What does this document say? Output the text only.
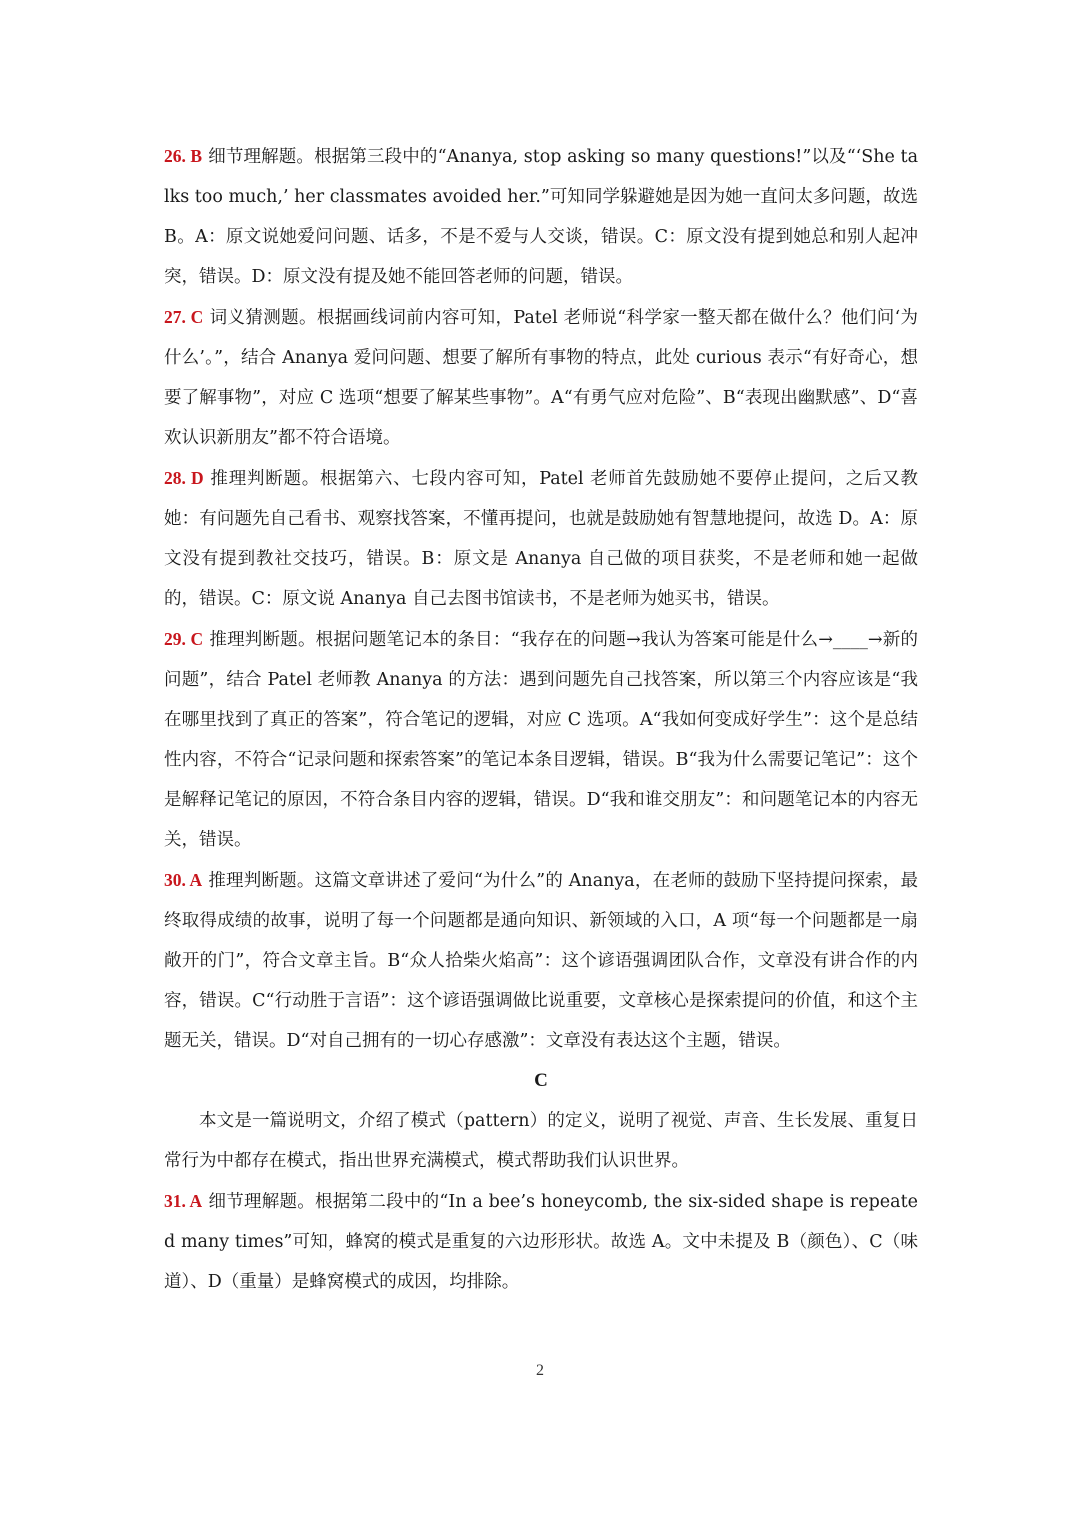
26. B 细节理解题。根据第三段中的“Ananya, stop asking so many questions!”以及“‘She talks too much,’ her classmates avoided her.”可知同学躲避她是因为她一直问太多问题，故选 B。A：原文说她爱问问题、话多，不是不爱与人交谈，错误。C：原文没有提到她总和别人起冲突，错误。D：原文没有提及她不能回答老师的问题，错误。

27. C 词义猜测题。根据画线词前内容可知，Patel 老师说“科学家一整天都在做什么？他们问‘为什么’。”，结合 Ananya 爱问问题、想要了解所有事物的特点，此处 curious 表示“有好奇心，想要了解事物”，对应 C 选项“想要了解某些事物”。A“有勇气应对危险”、B“表现出幽默感”、D“喜欢认识新朋友”都不符合语境。

28. D 推理判断题。根据第六、七段内容可知，Patel 老师首先鼓励她不要停止提问，之后又教她：有问题先自己看书、观察找答案，不懂再提问，也就是鼓励她有智慧地提问，故选 D。A：原文没有提到教社交技巧，错误。B：原文是 Ananya 自己做的项目获奖，不是老师和她一起做的，错误。C：原文说 Ananya 自己去图书馆读书，不是老师为她买书，错误。

29. C 推理判断题。根据问题笔记本的条目：“我存在的问题→我认为答案可能是什么→____→新的问题”，结合 Patel 老师教 Ananya 的方法：遇到问题先自己找答案，所以第三个内容应该是“我在哪里找到了真正的答案”，符合笔记的逻辑，对应 C 选项。A“我如何变成好学生”：这个是总结性内容，不符合“记录问题和探索答案”的笔记本条目逻辑，错误。B“我为什么需要记笔记”：这个是解释记笔记的原因，不符合条目内容的逻辑，错误。D“我和谁交朋友”：和问题笔记本的内容无关，错误。

30. A 推理判断题。这篇文章讲述了爱问“为什么”的 Ananya，在老师的鼓励下坚持提问探索，最终取得成绩的故事，说明了每一个问题都是通向知识、新领域的入口，A 项“每一个问题都是一扇敞开的门”，符合文章主旨。B“众人拾柴火焰高”：这个谚语强调团队合作，文章没有讲合作的内容，错误。C“行动胜于言语”：这个谚语强调做比说重要，文章核心是探索提问的价值，和这个主题无关，错误。D“对自己拥有的一切心存感激”：文章没有表达这个主题，错误。

C

本文是一篇说明文，介绍了模式（pattern）的定义，说明了视觉、声音、生长发展、重复日常行为中都存在模式，指出世界充满模式，模式帮助我们认识世界。

31. A 细节理解题。根据第二段中的“In a bee’s honeycomb, the six-sided shape is repeated many times”可知，蜂窝的模式是重复的六边形形状。故选 A。文中未提及 B（颜色）、C（味道）、D（重量）是蜂窝模式的成因，均排除。

2
